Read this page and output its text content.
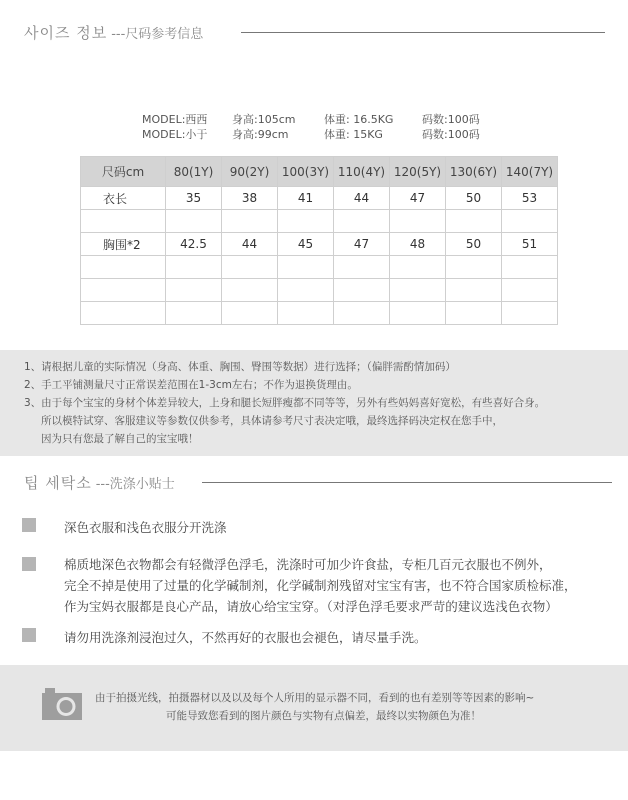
사이즈 정보 ---尺码参考信息
MODEL:西西	身高:105cm	体重: 16.5KG	码数:100码
MODEL:小于	身高:99cm	体重: 15KG	码数:100码
尺码cm	80(1Y)	90(2Y)	100(3Y)	110(4Y)	120(5Y)	130(6Y)	140(7Y)
衣长	35	38	41	44	47	50	53

胸围*2	42.5	44	45	47	48	50	51

1、请根据儿童的实际情况（身高、体重、胸围、臀围等数据）进行选择；（偏胖需酌情加码）
2、手工平铺测量尺寸正常误差范围在1-3cm左右；不作为退换货理由。
3、由于每个宝宝的身材个体差异较大，上身和腿长短胖瘦都不同等等，另外有些妈妈喜好宽松，有些喜好合身。
所以模特试穿、客服建议等参数仅供参考，具体请参考尺寸表决定哦，最终选择码决定权在您手中，
因为只有您最了解自己的宝宝哦！
팁 세탁소 ---洗涤小贴士
深色衣服和浅色衣服分开洗涤
棉质地深色衣物都会有轻微浮色浮毛，洗涤时可加少许食盐，专柜几百元衣服也不例外，
完全不掉是使用了过量的化学碱制剂，化学碱制剂残留对宝宝有害，也不符合国家质检标准，
作为宝妈衣服都是良心产品，请放心给宝宝穿。（对浮色浮毛要求严苛的建议选浅色衣物）
请勿用洗涤剂浸泡过久，不然再好的衣服也会褪色，请尽量手洗。
由于拍摄光线，拍摄器材以及以及每个人所用的显示器不同，看到的也有差别等等因素的影响~
可能导致您看到的图片颜色与实物有点偏差，最终以实物颜色为准！
